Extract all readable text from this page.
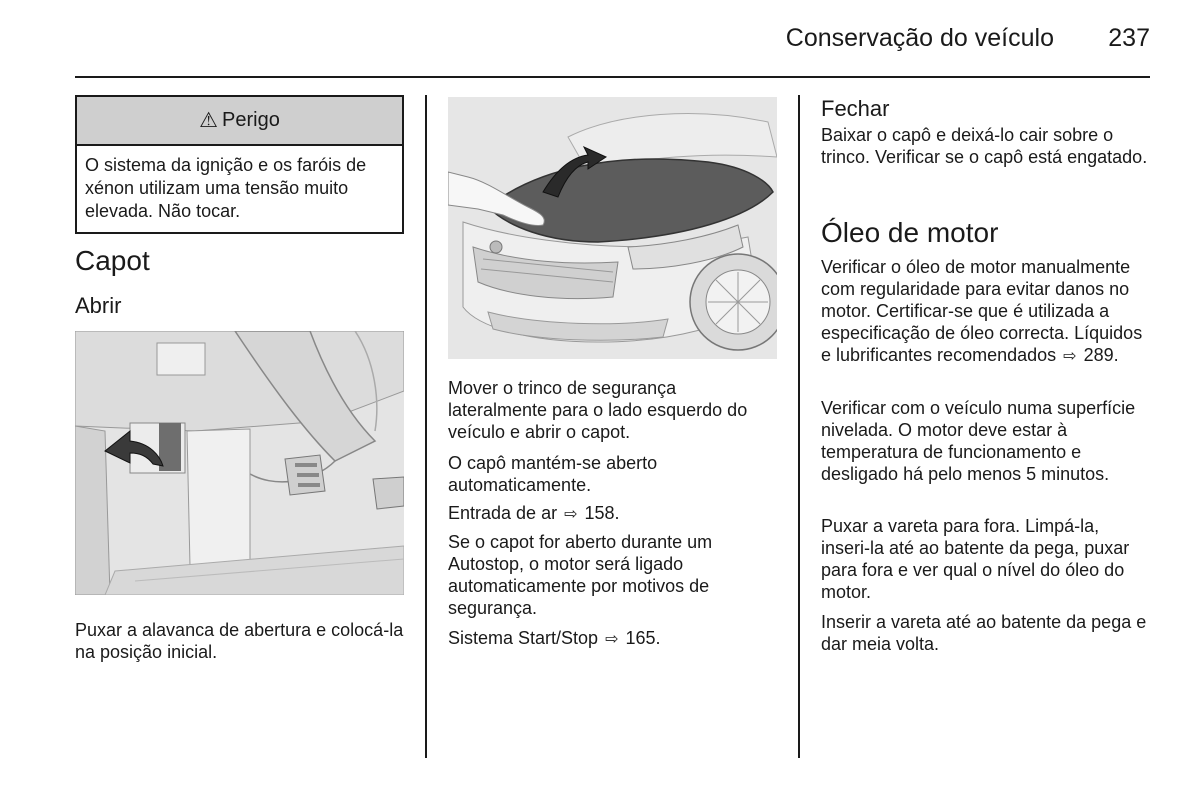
Conservação do veículo 237
⚠ Perigo
O sistema da ignição e os faróis de xénon utilizam uma tensão muito elevada. Não tocar.
Capot
Abrir

Puxar a alavanca de abertura e colocá-la na posição inicial.

Mover o trinco de segurança lateralmente para o lado esquerdo do veículo e abrir o capot.

O capô mantém-se aberto automaticamente.

Entrada de ar ⇨ 158.

Se o capot for aberto durante um Autostop, o motor será ligado automaticamente por motivos de segurança.

Sistema Start/Stop ⇨ 165.

Fechar

Baixar o capô e deixá-lo cair sobre o trinco. Verificar se o capô está engatado.

Óleo de motor

Verificar o óleo de motor manualmente com regularidade para evitar danos no motor. Certificar-se que é utilizada a especificação de óleo correcta. Líquidos e lubrificantes recomendados ⇨ 289.

Verificar com o veículo numa superfície nivelada. O motor deve estar à temperatura de funcionamento e desligado há pelo menos 5 minutos.

Puxar a vareta para fora. Limpá-la, inseri-la até ao batente da pega, puxar para fora e ver qual o nível do óleo do motor.

Inserir a vareta até ao batente da pega e dar meia volta.
